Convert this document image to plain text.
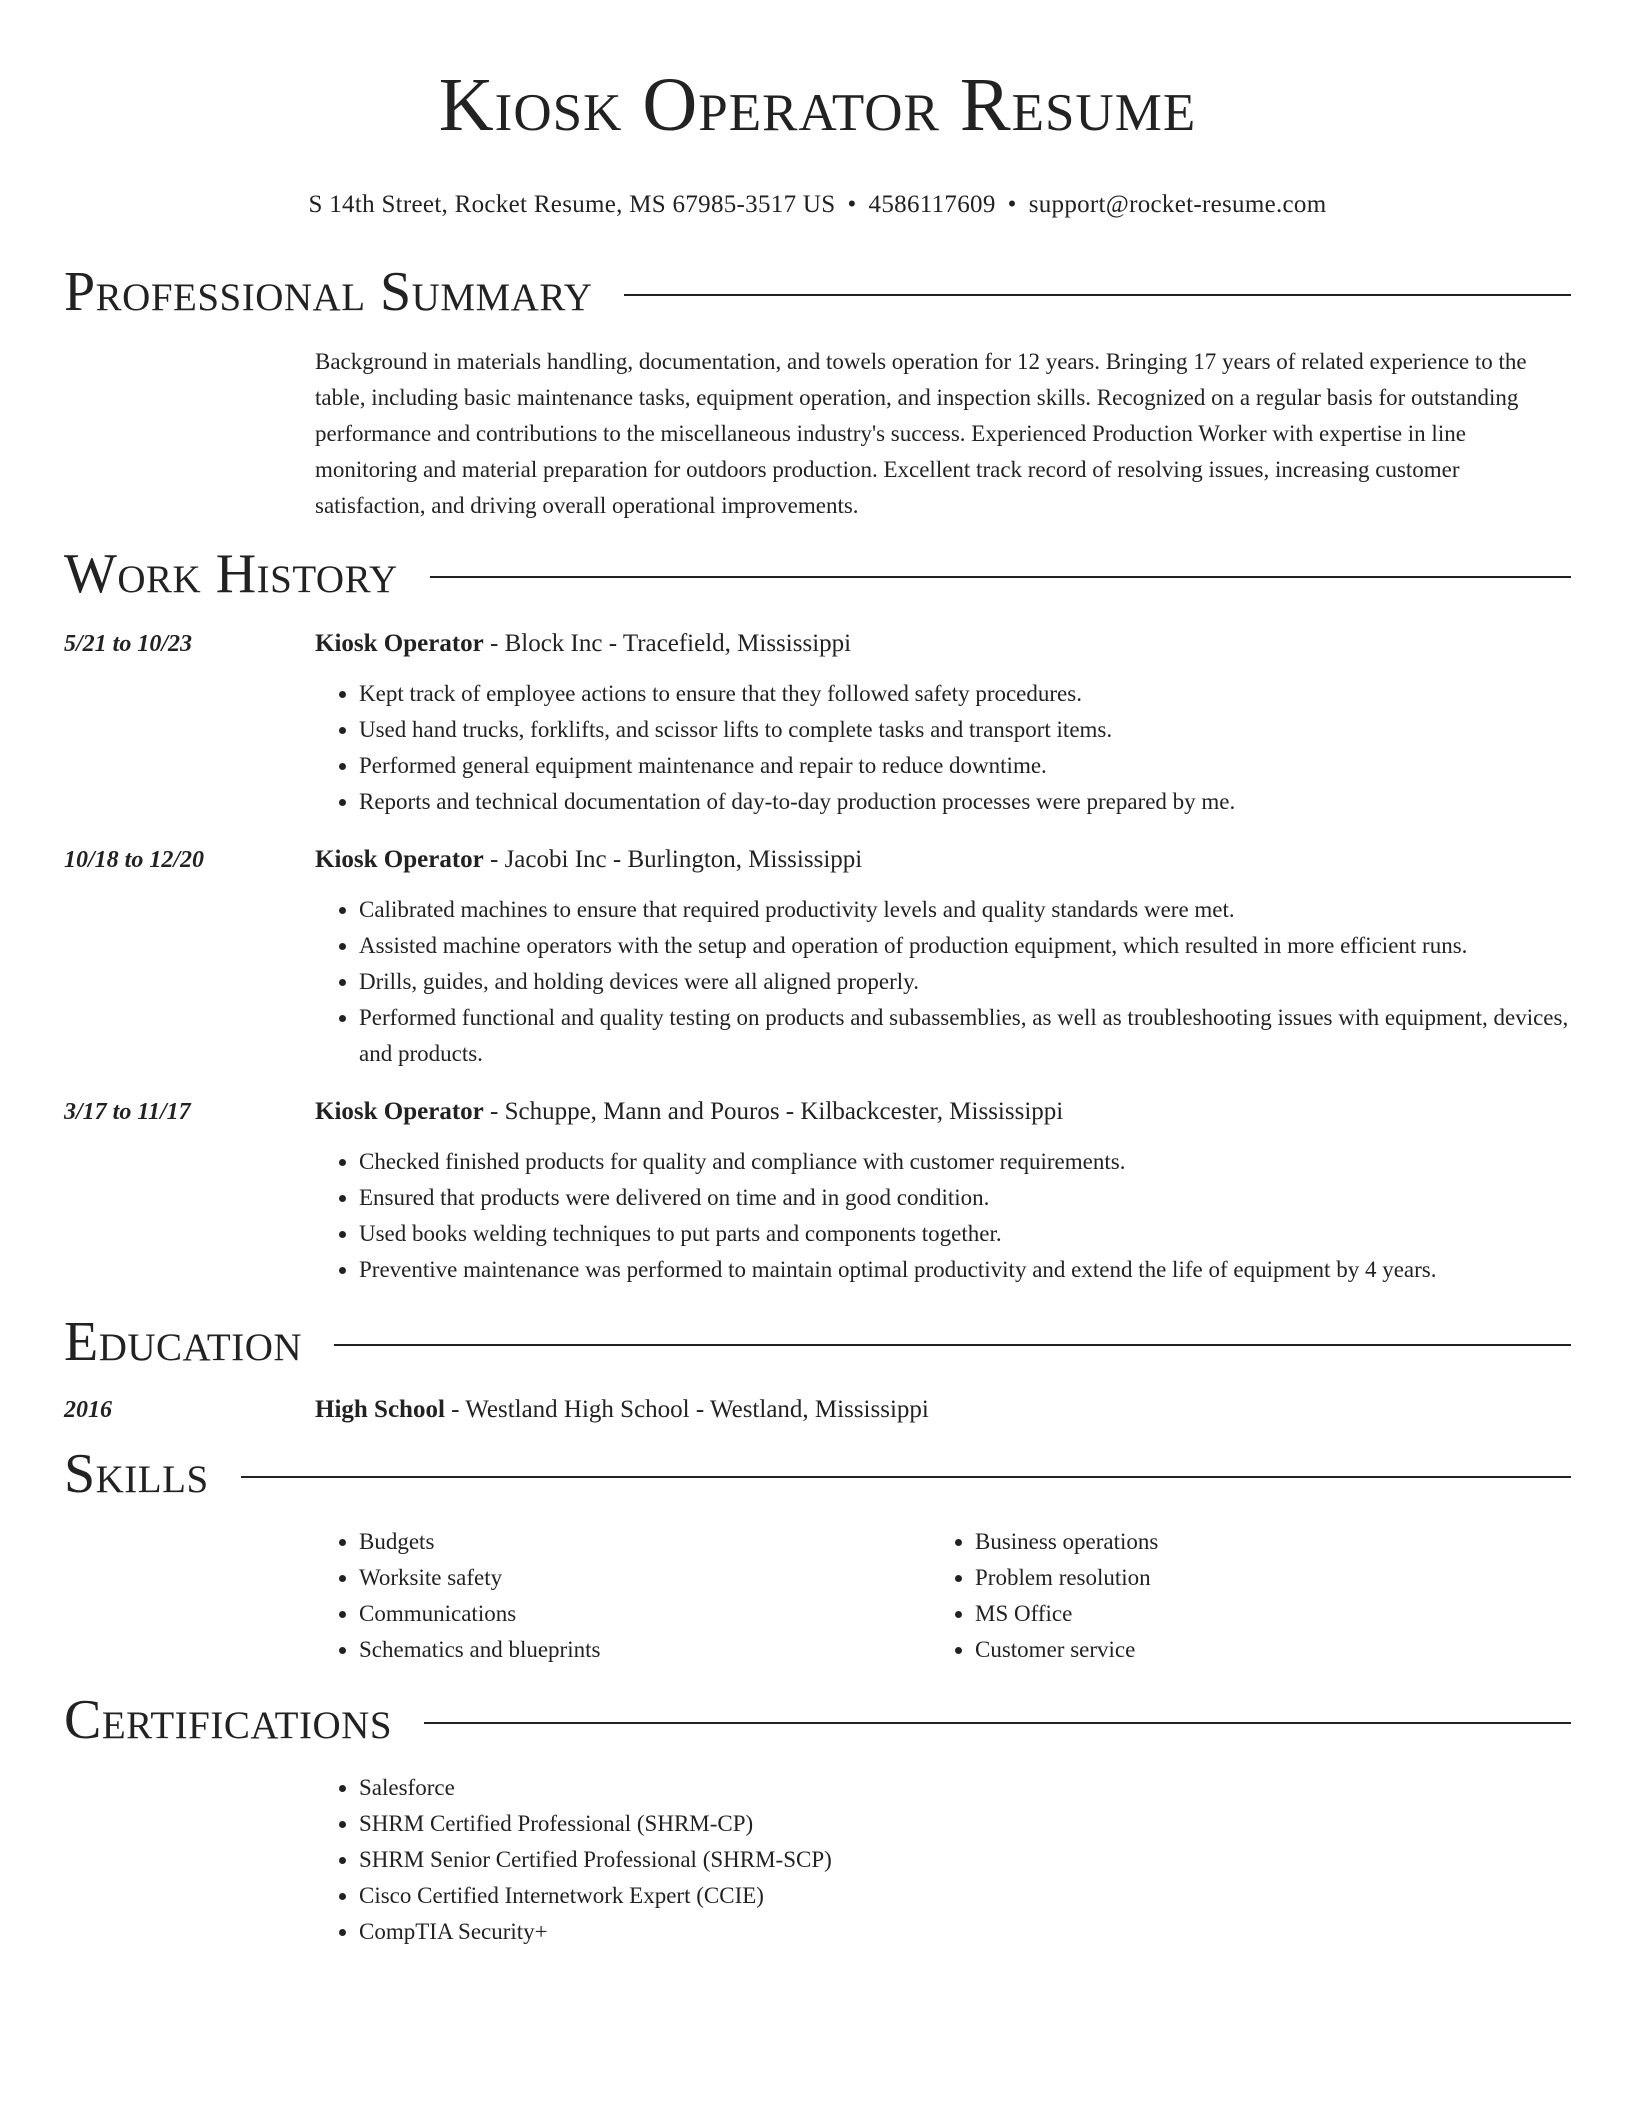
Kiosk Operator Resume
S 14th Street, Rocket Resume, MS 67985-3517 US • 4586117609 • support@rocket-resume.com
Professional Summary
Background in materials handling, documentation, and towels operation for 12 years. Bringing 17 years of related experience to the table, including basic maintenance tasks, equipment operation, and inspection skills. Recognized on a regular basis for outstanding performance and contributions to the miscellaneous industry's success. Experienced Production Worker with expertise in line monitoring and material preparation for outdoors production. Excellent track record of resolving issues, increasing customer satisfaction, and driving overall operational improvements.
Work History
5/21 to 10/23	Kiosk Operator - Block Inc - Tracefield, Mississippi
• Kept track of employee actions to ensure that they followed safety procedures.
• Used hand trucks, forklifts, and scissor lifts to complete tasks and transport items.
• Performed general equipment maintenance and repair to reduce downtime.
• Reports and technical documentation of day-to-day production processes were prepared by me.
10/18 to 12/20	Kiosk Operator - Jacobi Inc - Burlington, Mississippi
• Calibrated machines to ensure that required productivity levels and quality standards were met.
• Assisted machine operators with the setup and operation of production equipment, which resulted in more efficient runs.
• Drills, guides, and holding devices were all aligned properly.
• Performed functional and quality testing on products and subassemblies, as well as troubleshooting issues with equipment, devices, and products.
3/17 to 11/17	Kiosk Operator - Schuppe, Mann and Pouros - Kilbackcester, Mississippi
• Checked finished products for quality and compliance with customer requirements.
• Ensured that products were delivered on time and in good condition.
• Used books welding techniques to put parts and components together.
• Preventive maintenance was performed to maintain optimal productivity and extend the life of equipment by 4 years.
Education
2016	High School - Westland High School - Westland, Mississippi
Skills
• Budgets
• Worksite safety
• Communications
• Schematics and blueprints
• Business operations
• Problem resolution
• MS Office
• Customer service
Certifications
• Salesforce
• SHRM Certified Professional (SHRM-CP)
• SHRM Senior Certified Professional (SHRM-SCP)
• Cisco Certified Internetwork Expert (CCIE)
• CompTIA Security+
